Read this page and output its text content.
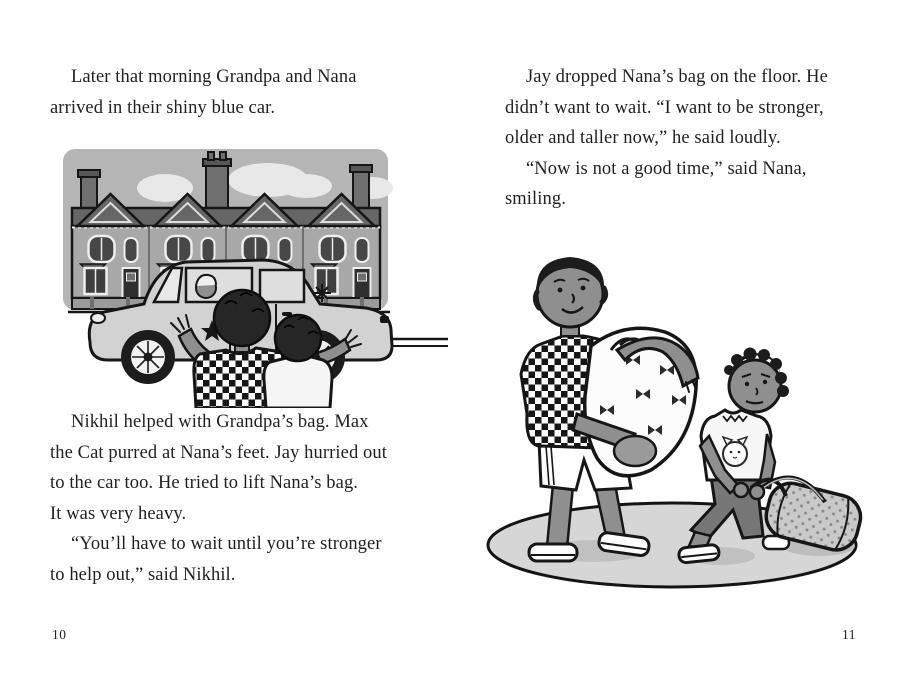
Later that morning Grandpa and Nana
arrived in their shiny blue car.
Nikhil helped with Grandpa’s bag. Max
the Cat purred at Nana’s feet. Jay hurried out
to the car too. He tried to lift Nana’s bag.
It was very heavy.
“You’ll have to wait until you’re stronger
to help out,” said Nikhil.
10
Jay dropped Nana’s bag on the floor. He
didn’t want to wait. “I want to be stronger,
older and taller now,” he said loudly.
“Now is not a good time,” said Nana,
smiling.
11
